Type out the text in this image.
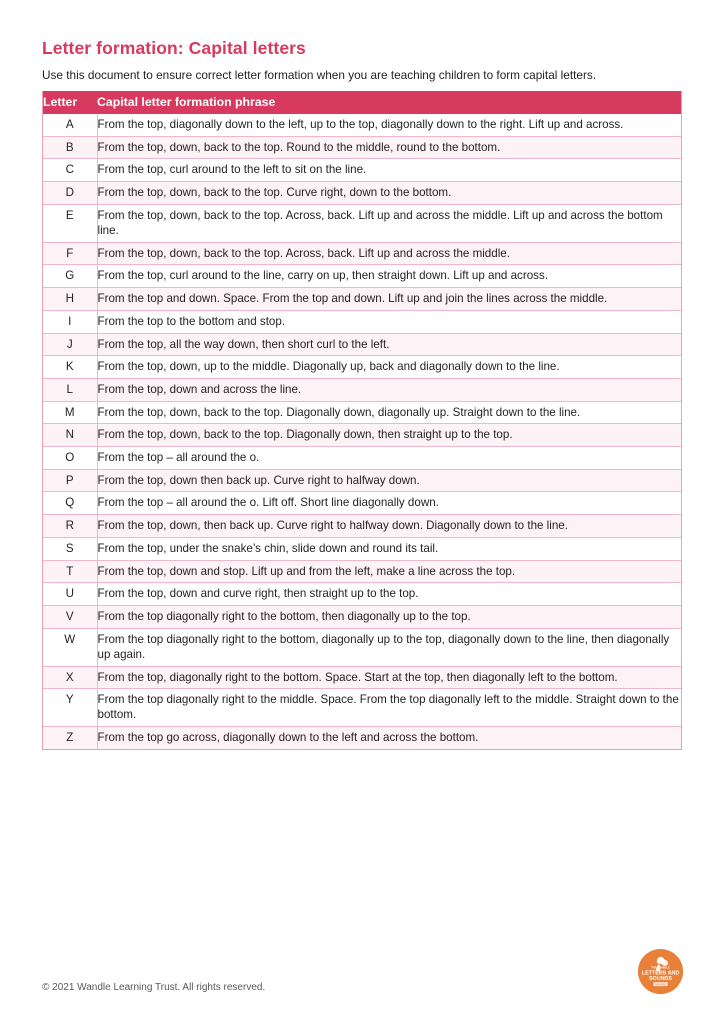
Letter formation: Capital letters
Use this document to ensure correct letter formation when you are teaching children to form capital letters.
Letter	Capital letter formation phrase
A	From the top, diagonally down to the left, up to the top, diagonally down to the right. Lift up and across.
B	From the top, down, back to the top. Round to the middle, round to the bottom.
C	From the top, curl around to the left to sit on the line.
D	From the top, down, back to the top. Curve right, down to the bottom.
E	From the top, down, back to the top. Across, back. Lift up and across the middle. Lift up and across the bottom line.
F	From the top, down, back to the top. Across, back. Lift up and across the middle.
G	From the top, curl around to the line, carry on up, then straight down. Lift up and across.
H	From the top and down. Space. From the top and down. Lift up and join the lines across the middle.
I	From the top to the bottom and stop.
J	From the top, all the way down, then short curl to the left.
K	From the top, down, up to the middle. Diagonally up, back and diagonally down to the line.
L	From the top, down and across the line.
M	From the top, down, back to the top. Diagonally down, diagonally up. Straight down to the line.
N	From the top, down, back to the top. Diagonally down, then straight up to the top.
O	From the top – all around the o.
P	From the top, down then back up. Curve right to halfway down.
Q	From the top – all around the o. Lift off. Short line diagonally down.
R	From the top, down, then back up. Curve right to halfway down. Diagonally down to the line.
S	From the top, under the snake’s chin, slide down and round its tail.
T	From the top, down and stop. Lift up and from the left, make a line across the top.
U	From the top, down and curve right, then straight up to the top.
V	From the top diagonally right to the bottom, then diagonally up to the top.
W	From the top diagonally right to the bottom, diagonally up to the top, diagonally down to the line, then diagonally up again.
X	From the top, diagonally right to the bottom. Space. Start at the top, then diagonally left to the bottom.
Y	From the top diagonally right to the middle. Space. From the top diagonally left to the middle. Straight down to the bottom.
Z	From the top go across, diagonally down to the left and across the bottom.
© 2021 Wandle Learning Trust. All rights reserved.
THE WANDLE
LETTERS AND
SOUNDS
REVISED
